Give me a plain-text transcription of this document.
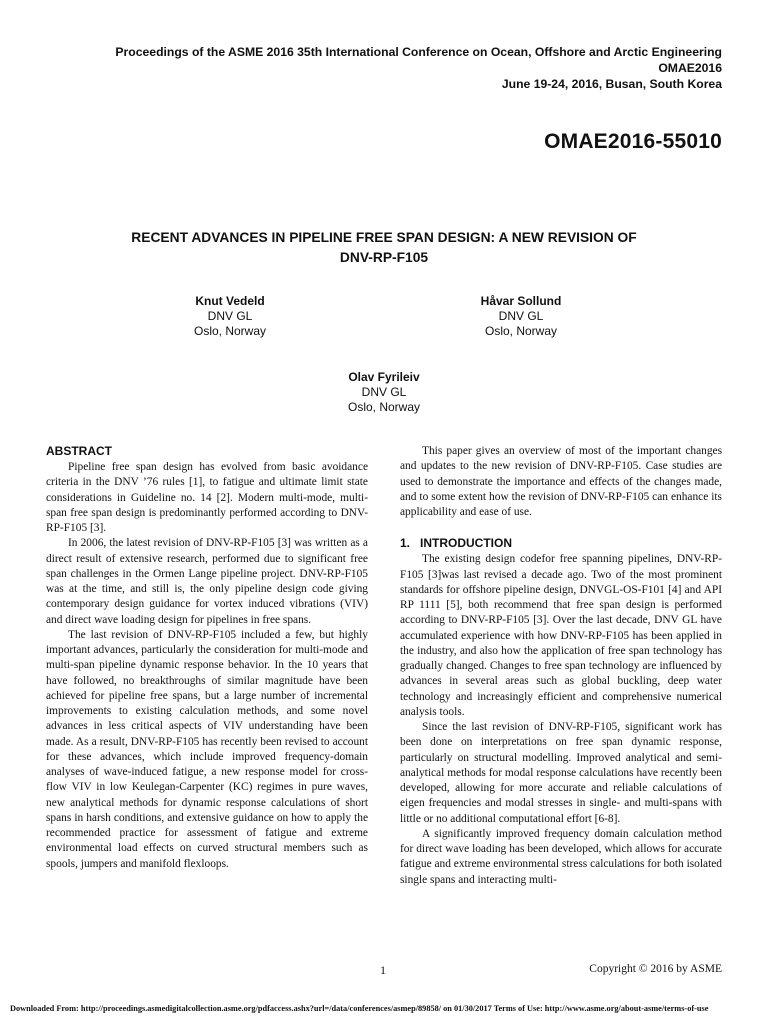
Proceedings of the ASME 2016 35th International Conference on Ocean, Offshore and Arctic Engineering
OMAE2016
June 19-24, 2016, Busan, South Korea
OMAE2016-55010
RECENT ADVANCES IN PIPELINE FREE SPAN DESIGN: A NEW REVISION OF
DNV-RP-F105
Knut Vedeld
DNV GL
Oslo, Norway
Håvar Sollund
DNV GL
Oslo, Norway
Olav Fyrileiv
DNV GL
Oslo, Norway
ABSTRACT

Pipeline free span design has evolved from basic avoidance criteria in the DNV ’76 rules [1], to fatigue and ultimate limit state considerations in Guideline no. 14 [2]. Modern multi-mode, multi-span free span design is predominantly performed according to DNV-RP-F105 [3].

In 2006, the latest revision of DNV-RP-F105 [3] was written as a direct result of extensive research, performed due to significant free span challenges in the Ormen Lange pipeline project. DNV-RP-F105 was at the time, and still is, the only pipeline design code giving contemporary design guidance for vortex induced vibrations (VIV) and direct wave loading design for pipelines in free spans.

The last revision of DNV-RP-F105 included a few, but highly important advances, particularly the consideration for multi-mode and multi-span pipeline dynamic response behavior. In the 10 years that have followed, no breakthroughs of similar magnitude have been achieved for pipeline free spans, but a large number of incremental improvements to existing calculation methods, and some novel advances in less critical aspects of VIV understanding have been made. As a result, DNV-RP-F105 has recently been revised to account for these advances, which include improved frequency-domain analyses of wave-induced fatigue, a new response model for cross-flow VIV in low Keulegan-Carpenter (KC) regimes in pure waves, new analytical methods for dynamic response calculations of short spans in harsh conditions, and extensive guidance on how to apply the recommended practice for assessment of fatigue and extreme environmental load effects on curved structural members such as spools, jumpers and manifold flexloops.

This paper gives an overview of most of the important changes and updates to the new revision of DNV-RP-F105. Case studies are used to demonstrate the importance and effects of the changes made, and to some extent how the revision of DNV-RP-F105 can enhance its applicability and ease of use.

1.   INTRODUCTION

The existing design codefor free spanning pipelines, DNV-RP-F105 [3]was last revised a decade ago. Two of the most prominent standards for offshore pipeline design, DNVGL-OS-F101 [4] and API RP 1111 [5], both recommend that free span design is performed according to DNV-RP-F105 [3]. Over the last decade, DNV GL have accumulated experience with how DNV-RP-F105 has been applied in the industry, and also how the application of free span technology has gradually changed. Changes to free span technology are influenced by advances in several areas such as global buckling, deep water technology and increasingly efficient and comprehensive numerical analysis tools.

Since the last revision of DNV-RP-F105, significant work has been done on interpretations on free span dynamic response, particularly on structural modelling. Improved analytical and semi-analytical methods for modal response calculations have recently been developed, allowing for more accurate and reliable calculations of eigen frequencies and modal stresses in single- and multi-spans with little or no additional computational effort [6-8].

A significantly improved frequency domain calculation method for direct wave loading has been developed, which allows for accurate fatigue and extreme environmental stress calculations for both isolated single spans and interacting multi-

1	Copyright © 2016 by ASME
Downloaded From: http://proceedings.asmedigitalcollection.asme.org/pdfaccess.ashx?url=/data/conferences/asmep/89858/ on 01/30/2017 Terms of Use: http://www.asme.org/about-asme/terms-of-use
